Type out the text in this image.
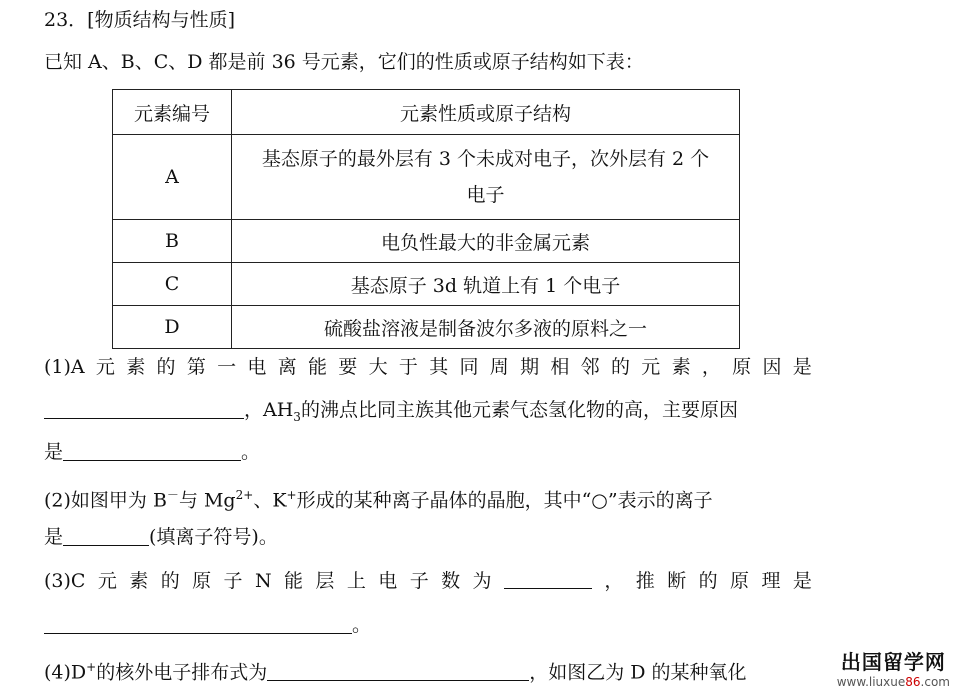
23．[物质结构与性质]
已知 A、B、C、D 都是前 36 号元素，它们的性质或原子结构如下表：
元素编号	元素性质或原子结构
A	基态原子的最外层有 3 个未成对电子，次外层有 2 个
电子

B	电负性最大的非金属元素
C	基态原子 3d 轨道上有 1 个电子
D	硫酸盐溶液是制备波尔多液的原料之一
(1)A 元 素 的 第 一 电 离 能 要 大 于 其 同 周 期 相 邻 的 元 素 ， 原 因 是
，$AH_3$的沸点比同主族其他元素气态氢化物的高，主要原因
是	。
(2)如图甲为 B－与 $Mg^{2+}$、K+形成的某种离子晶体的晶胞，其中“○”表示的离子
是	(填离子符号)。
(3)C 元 素 的 原 子 N 能 层 上 电 子 数 为	， 推 断 的 原 理 是
。
(4)D+的核外电子排布式为	，如图乙为 D 的某种氧化	出国留学网
www.liuxue86.com
